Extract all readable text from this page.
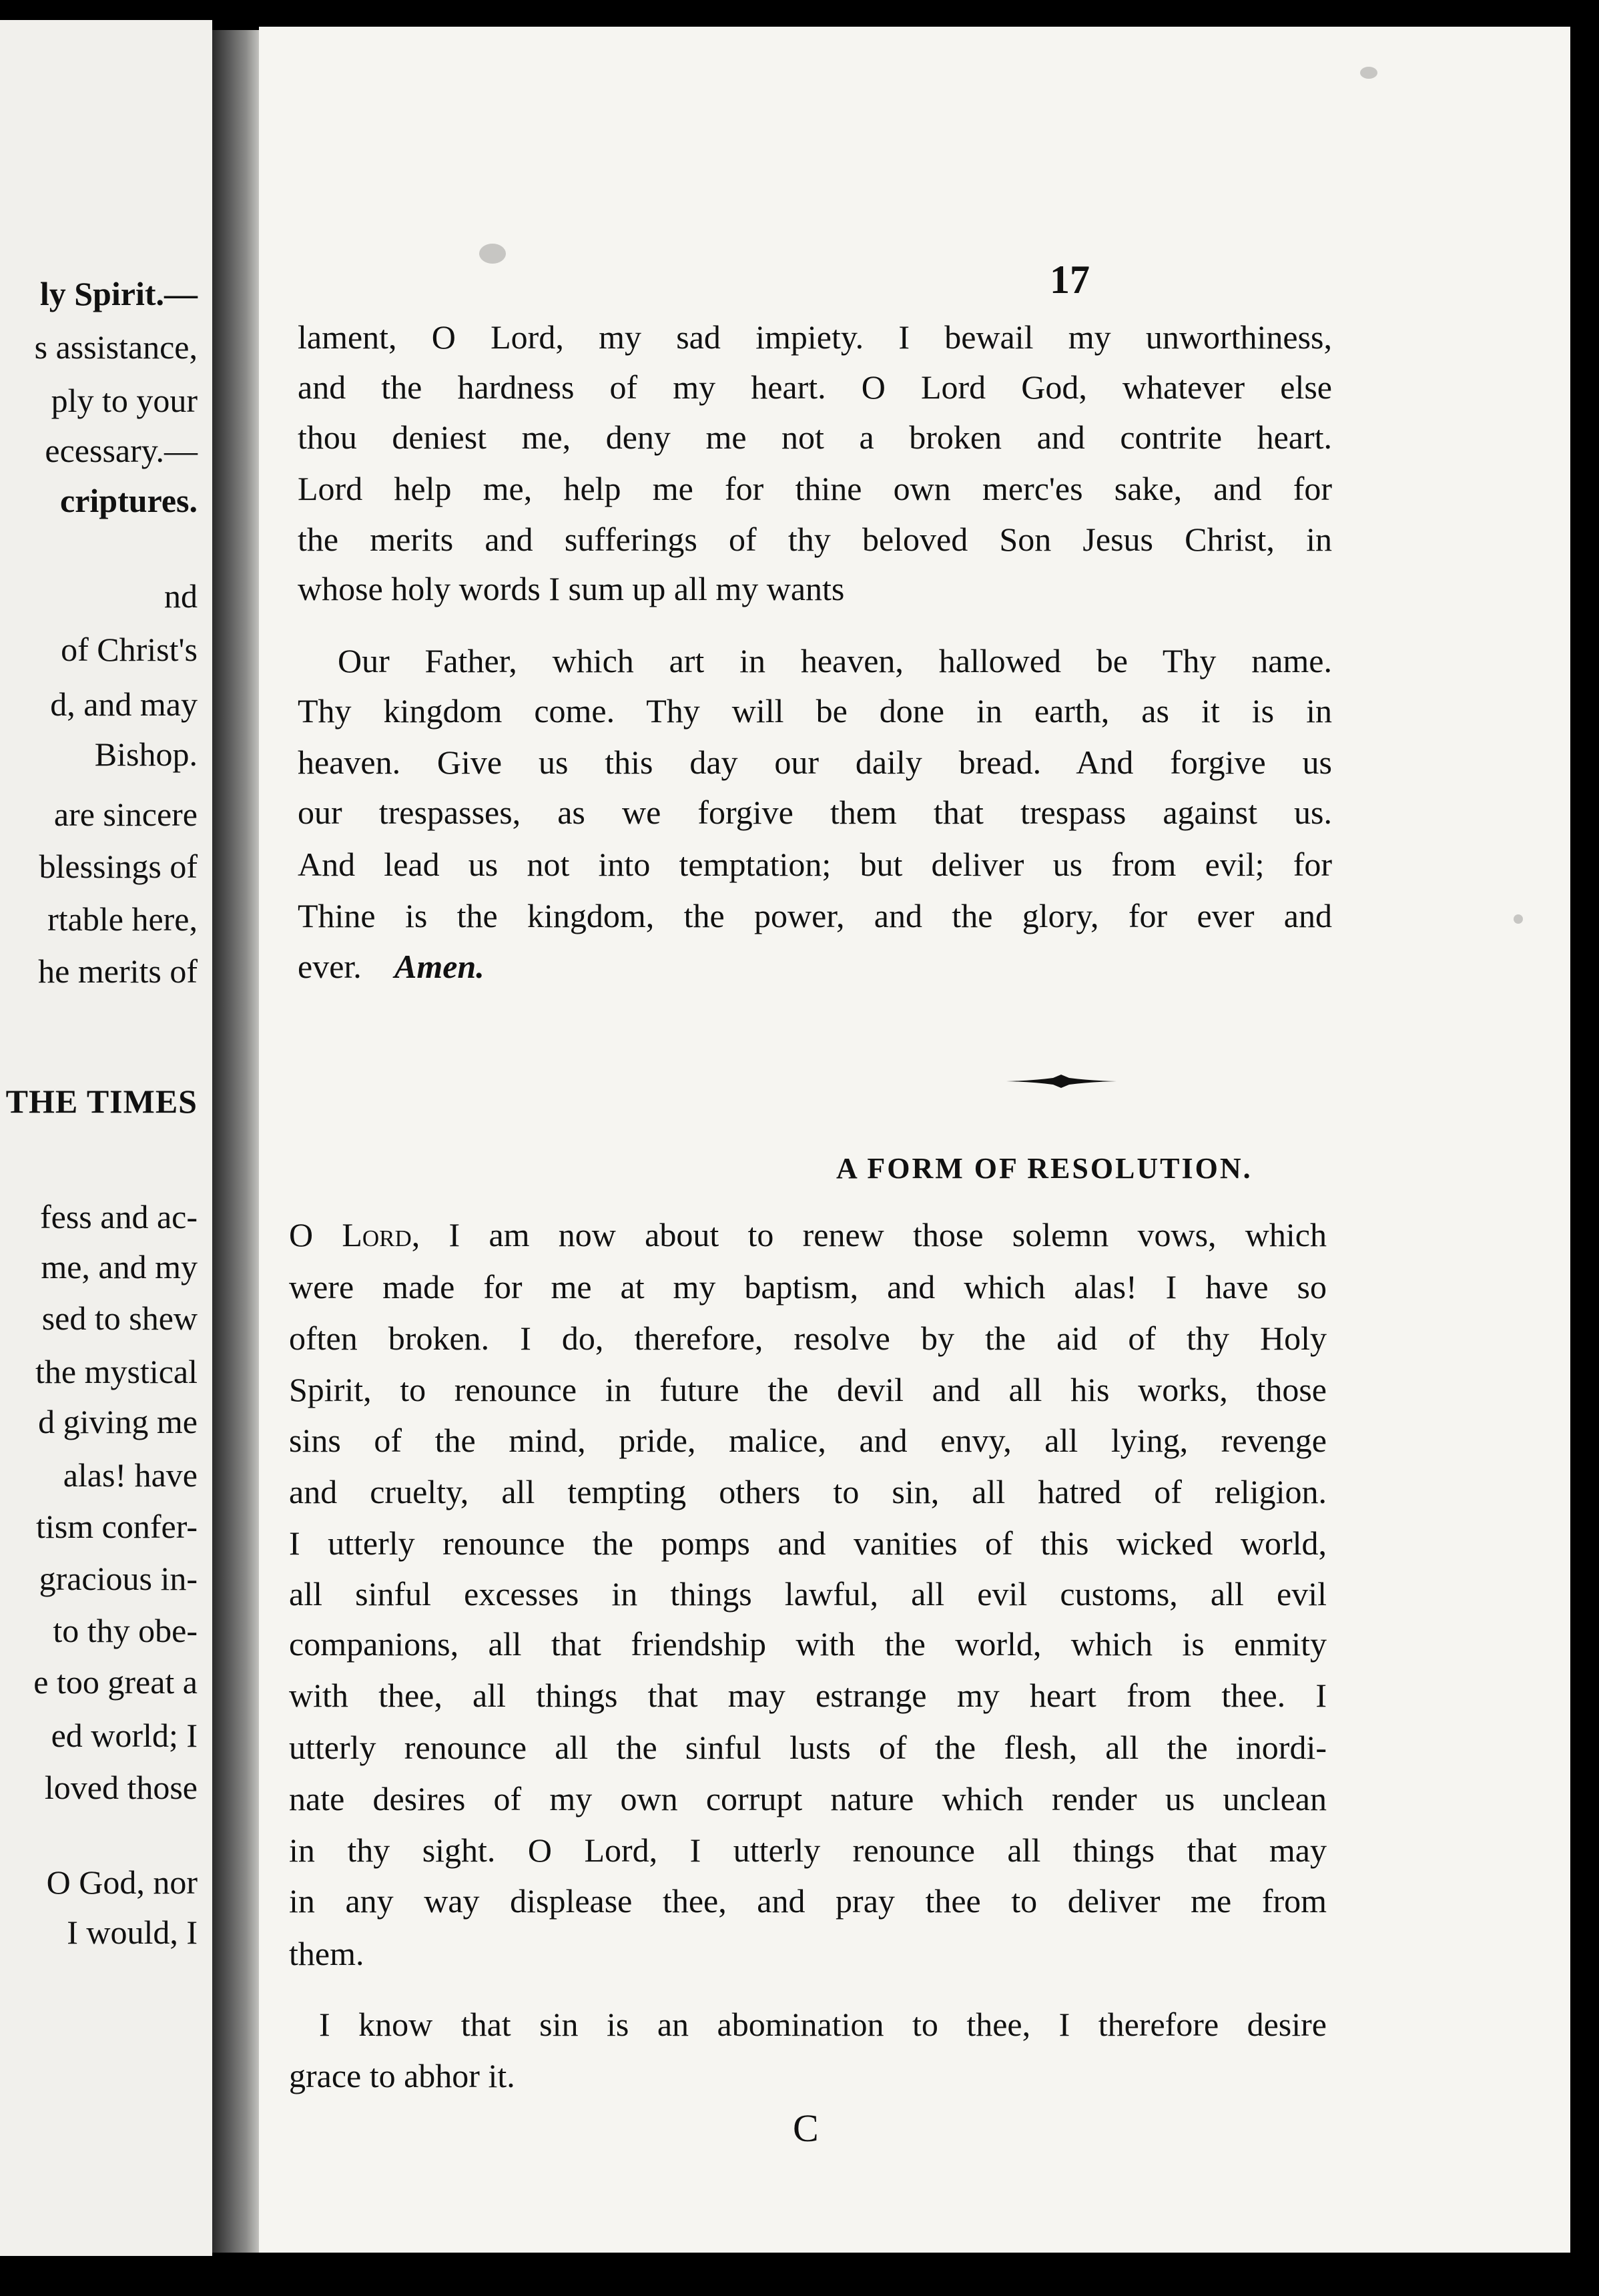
ly Spirit.—
s assistance,
ply to your
ecessary.—
criptures.
nd
of Christ's
d, and may
Bishop.
are sincere
blessings of
rtable here,
he merits of
THE TIMES
fess and ac-
me, and my
sed to shew
the mystical
d giving me
alas! have
tism confer-
gracious in-
to thy obe-
e too great a
ed world; I
loved those
O God, nor
I would, I
17
lament, O Lord, my sad impiety. I bewail my unworthiness,
and the hardness of my heart. O Lord God, whatever else
thou deniest me, deny me not a broken and contrite heart.
Lord help me, help me for thine own merc'es sake, and for
the merits and sufferings of thy beloved Son Jesus Christ, in
whose holy words I sum up all my wants
Our Father, which art in heaven, hallowed be Thy name.
Thy kingdom come. Thy will be done in earth, as it is in
heaven. Give us this day our daily bread. And forgive us
our trespasses, as we forgive them that trespass against us.
And lead us not into temptation; but deliver us from evil; for
Thine is the kingdom, the power, and the glory, for ever and
ever. Amen.
A FORM OF RESOLUTION.
O Lord, I am now about to renew those solemn vows, which
were made for me at my baptism, and which alas! I have so
often broken. I do, therefore, resolve by the aid of thy Holy
Spirit, to renounce in future the devil and all his works, those
sins of the mind, pride, malice, and envy, all lying, revenge
and cruelty, all tempting others to sin, all hatred of religion.
I utterly renounce the pomps and vanities of this wicked world,
all sinful excesses in things lawful, all evil customs, all evil
companions, all that friendship with the world, which is enmity
with thee, all things that may estrange my heart from thee. I
utterly renounce all the sinful lusts of the flesh, all the inordi-
nate desires of my own corrupt nature which render us unclean
in thy sight. O Lord, I utterly renounce all things that may
in any way displease thee, and pray thee to deliver me from
them.
I know that sin is an abomination to thee, I therefore desire
grace to abhor it.
C
